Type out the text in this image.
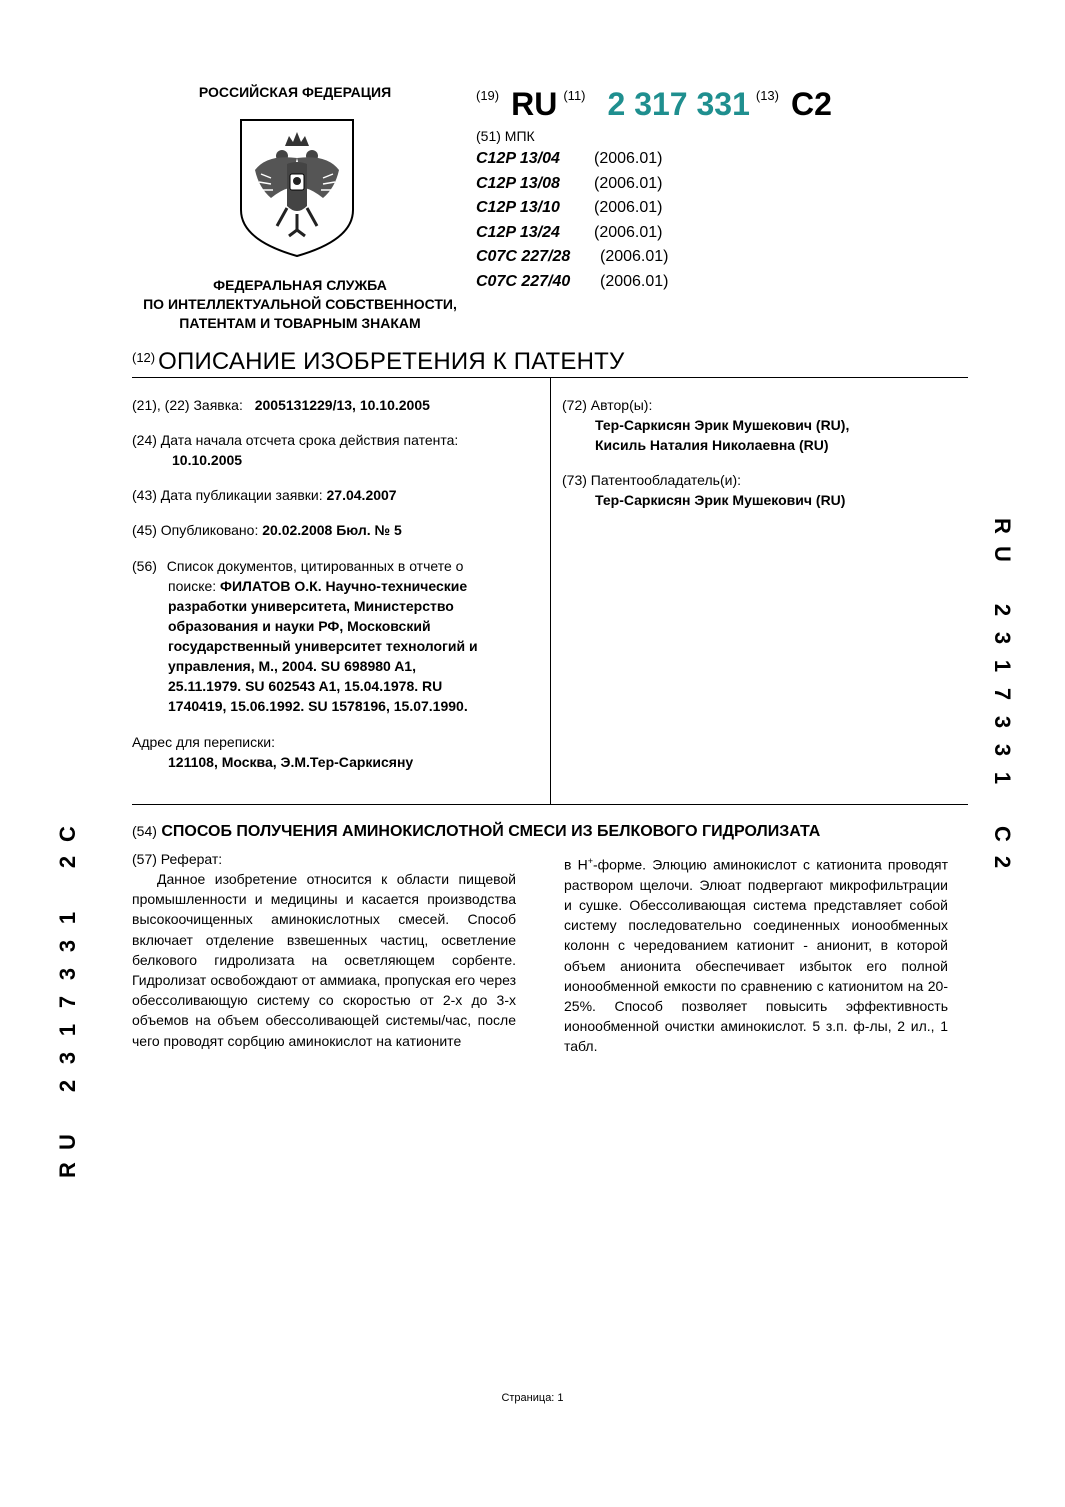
РОССИЙСКАЯ ФЕДЕРАЦИЯ
ФЕДЕРАЛЬНАЯ СЛУЖБА
ПО ИНТЕЛЛЕКТУАЛЬНОЙ СОБСТВЕННОСТИ,
ПАТЕНТАМ И ТОВАРНЫМ ЗНАКАМ
(19) RU (11) 2 317 331 (13) C2
(51) МПК
C12P 13/04 (2006.01)
C12P 13/08 (2006.01)
C12P 13/10 (2006.01)
C12P 13/24 (2006.01)
C07C 227/28 (2006.01)
C07C 227/40 (2006.01)
(12) ОПИСАНИЕ ИЗОБРЕТЕНИЯ К ПАТЕНТУ
(21), (22) Заявка: 2005131229/13, 10.10.2005
(24) Дата начала отсчета срока действия патента:
10.10.2005
(43) Дата публикации заявки: 27.04.2007
(45) Опубликовано: 20.02.2008 Бюл. № 5
(56) Список документов, цитированных в отчете о
поиске: ФИЛАТОВ О.К. Научно-технические
разработки университета, Министерство
образования и науки РФ, Московский
государственный университет технологий и
управления, М., 2004. SU 698980 A1,
25.11.1979. SU 602543 A1, 15.04.1978. RU
1740419, 15.06.1992. SU 1578196, 15.07.1990.
Адрес для переписки:
121108, Москва, Э.М.Тер-Саркисяну
(72) Автор(ы):
Тер-Саркисян Эрик Мушекович (RU),
Кисиль Наталия Николаевна (RU)
(73) Патентообладатель(и):
Тер-Саркисян Эрик Мушекович (RU)
R
U
2
3
1
7
3
3
1
C
2
C
2
1
3
3
7
1
3
2
U
R
(54) СПОСОБ ПОЛУЧЕНИЯ АМИНОКИСЛОТНОЙ СМЕСИ ИЗ БЕЛКОВОГО ГИДРОЛИЗАТА
(57) Реферат:

Данное изобретение относится к области пищевой промышленности и медицины и касается производства высокоочищенных аминокислотных смесей. Способ включает отделение взвешенных частиц, осветление белкового гидролизата на осветляющем сорбенте. Гидролизат освобождают от аммиака, пропуская его через обессоливающую систему со скоростью от 2-х до 3-х объемов на объем обессоливающей системы/час, после чего проводят сорбцию аминокислот на катионите

в H+-форме. Элюцию аминокислот с катионита проводят раствором щелочи. Элюат подвергают микрофильтрации и сушке. Обессоливающая система представляет собой систему последовательно соединенных ионообменных колонн с чередованием катионит - анионит, в которой объем анионита обеспечивает избыток его полной ионообменной емкости по сравнению с катионитом на 20-25%. Способ позволяет повысить эффективность ионообменной очистки аминокислот. 5 з.п. ф-лы, 2 ил., 1 табл.

Страница: 1
